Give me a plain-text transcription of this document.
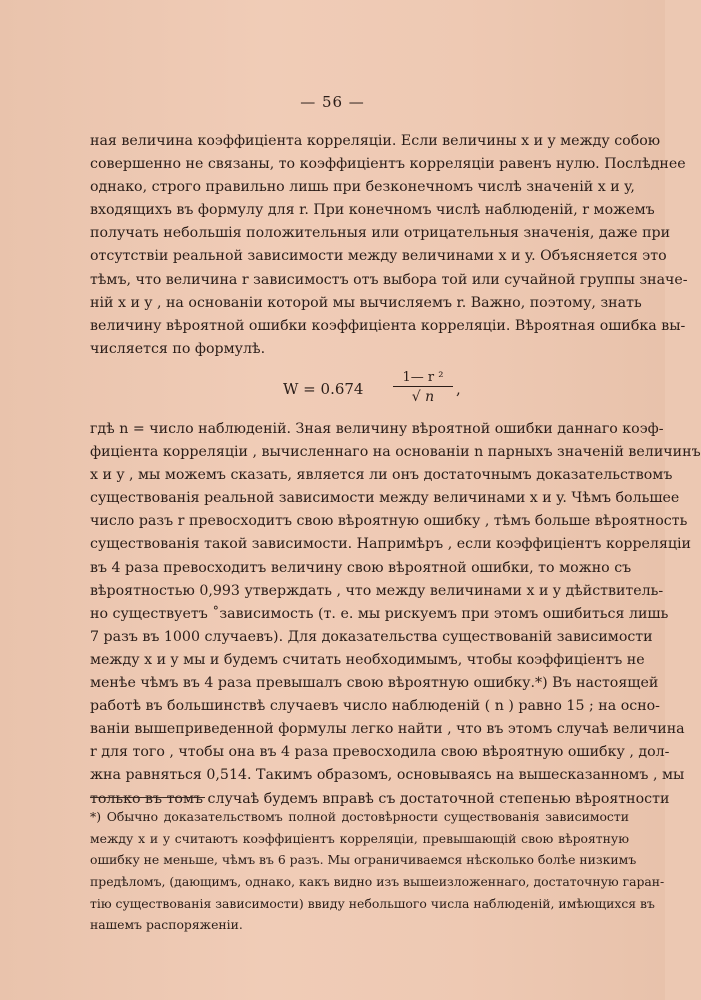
— 56 —
ная величина коэффиціента корреляціи. Если величины x и y между собою
совершенно не связаны, то коэффиціентъ корреляціи равенъ нулю. Послѣднее
однако, строго правильно лишь при безконечномъ числѣ значеній x и y,
входящихъ въ формулу для r. При конечномъ числѣ наблюденій, r можемъ
получать небольшія положительныя или отрицательныя значенія, даже при
отсутствіи реальной зависимости между величинами x и y. Объясняется это
тѣмъ, что величина r зависимостъ отъ выбора той или сучайной группы значе-
ній x и y , на основаніи которой мы вычисляемъ r. Важно, поэтому, знать
величину вѣроятной ошибки коэффиціента корреляціи. Вѣроятная ошибка вы-
числяется по формулѣ.
$W = 0.674 \frac{\text{1— r ²}}{√ n}$ ,
гдѣ n = число наблюденій. Зная величину вѣроятной ошибки даннаго коэф-
фиціента корреляціи , вычисленнаго на основаніи n парныхъ значеній величинъ
x и y , мы можемъ сказать, является ли онъ достаточнымъ доказательствомъ
существованія реальной зависимости между величинами x и y. Чѣмъ большее
число разъ r превосходитъ свою вѣроятную ошибку , тѣмъ больше вѣроятность
существованія такой зависимости. Напримѣръ , если коэффиціентъ корреляціи
въ 4 раза превосходитъ величину свою вѣроятной ошибки, то можно съ
вѣроятностью 0,993 утверждать , что между величинами x и y дѣйствитель-
но существуетъ ˚зависимость (т. е. мы рискуемъ при этомъ ошибиться лишь
7 разъ въ 1000 случаевъ). Для доказательства существованій зависимости
между x и y мы и будемъ считать необходимымъ, чтобы коэффиціентъ не
менѣе чѣмъ въ 4 раза превышалъ свою вѣроятную ошибку.*) Въ настоящей
работѣ въ большинствѣ случаевъ число наблюденій ( n ) равно 15 ; на осно-
ваніи вышеприведенной формулы легко найти , что въ этомъ случаѣ величина
r для того , чтобы она въ 4 раза превосходила свою вѣроятную ошибку , дол-
жна равняться 0,514. Такимъ образомъ, основываясь на вышесказанномъ , мы
только въ томъ случаѣ будемъ вправѣ съ достаточной степенью вѣроятности
*) Обычно доказательствомъ полной достовѣрности существованія зависимости
между x и y считаютъ коэффиціентъ корреляціи, превышающій свою вѣроятную
ошибку не меньше, чѣмъ въ 6 разъ. Мы ограничиваемся нѣсколько болѣе низкимъ
предѣломъ, (дающимъ, однако, какъ видно изъ вышеизложеннаго, достаточную гаран-
тію существованія зависимости) ввиду небольшого числа наблюденій, имѣющихся въ
нашемъ распоряженіи.
